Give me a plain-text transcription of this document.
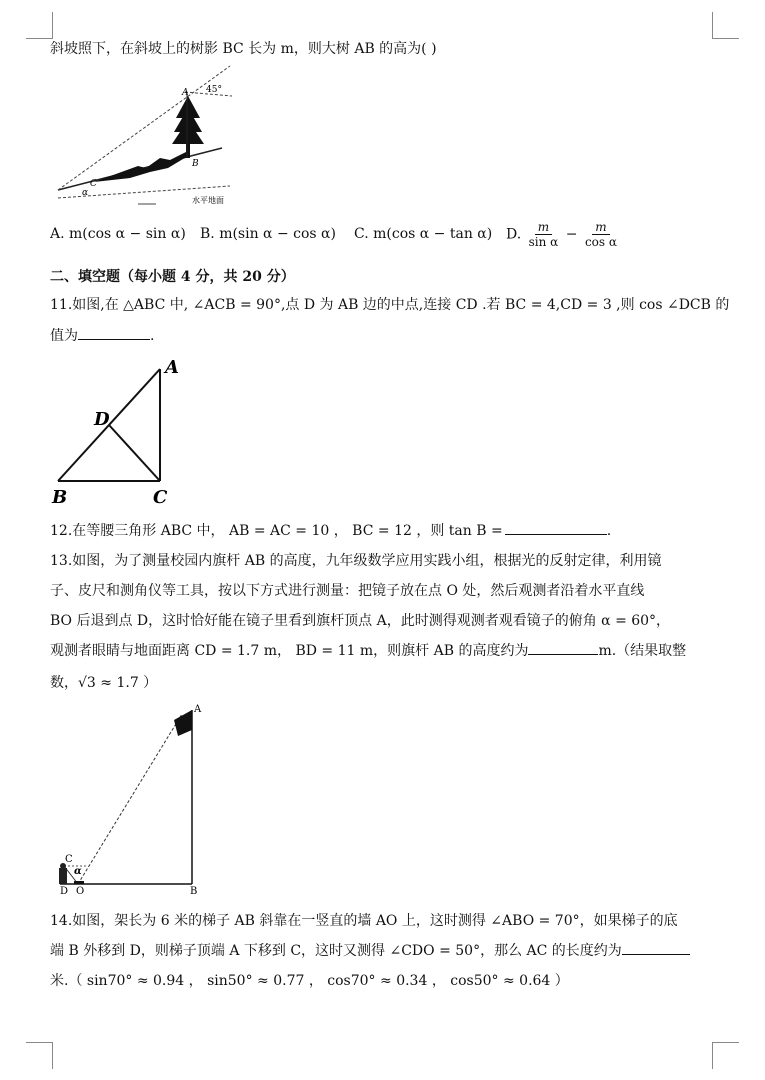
斜坡照下，在斜坡上的树影 BC 长为 m，则大树 AB 的高为( )
A
B
C
45°
α
水平地面
A. m(cos α − sin α) B. m(sin α − cos α) C. m(cos α − tan α) D. $\frac{m}{\text{sin α}} - \frac{m}{\text{cos α}}$
二、填空题（每小题 4 分，共 20 分）
11.如图,在 △ABC 中, ∠ACB = 90°,点 D 为 AB 边的中点,连接 CD .若 BC = 4,CD = 3 ,则 cos ∠DCB 的
值为	.
A
D
B	C
12.在等腰三角形 ABC 中， AB = AC = 10 ， BC = 12 ，则 tan B =	.
13.如图，为了测量校园内旗杆 AB 的高度，九年级数学应用实践小组，根据光的反射定律，利用镜
子、皮尺和测角仪等工具，按以下方式进行测量：把镜子放在点 O 处，然后观测者沿着水平直线
BO 后退到点 D，这时恰好能在镜子里看到旗杆顶点 A，此时测得观测者观看镜子的俯角 α = 60°，
观测者眼睛与地面距离 CD = 1.7 m， BD = 11 m，则旗杆 AB 的高度约为	m.（结果取整
数，√3 ≈ 1.7 ）
A
B
C
D O
α
14.如图，架长为 6 米的梯子 AB 斜靠在一竖直的墙 AO 上，这时测得 ∠ABO = 70°，如果梯子的底
端 B 外移到 D，则梯子顶端 A 下移到 C，这时又测得 ∠CDO = 50°，那么 AC 的长度约为
米.（ sin70° ≈ 0.94 ， sin50° ≈ 0.77 ， cos70° ≈ 0.34 ， cos50° ≈ 0.64 ）
